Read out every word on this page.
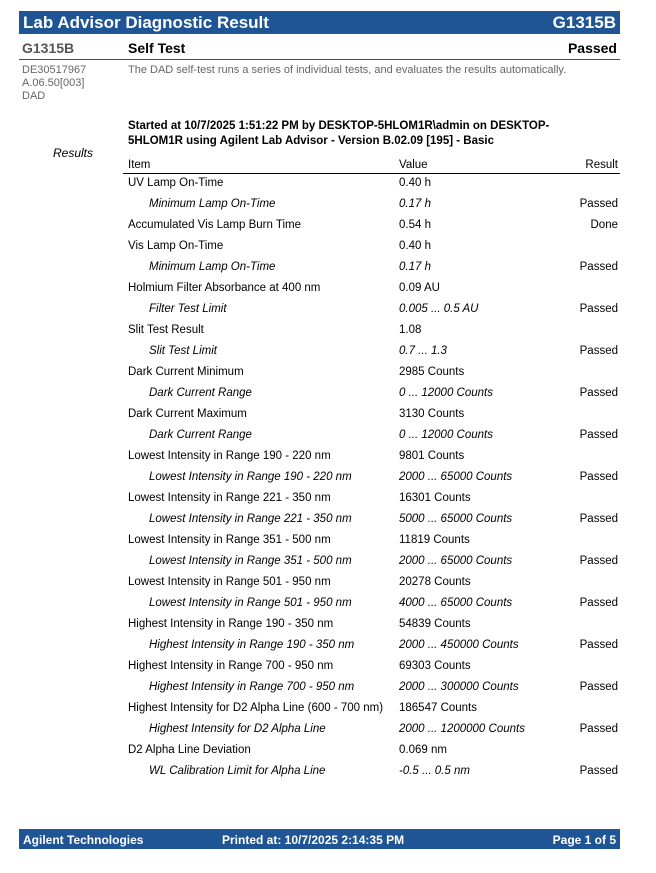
Lab Advisor Diagnostic Result	G1315B
G1315B	Self Test	Passed
DE30517967
A.06.50[003]
DAD
The DAD self-test runs a series of individual tests, and evaluates the results automatically.
Started at 10/7/2025 1:51:22 PM by DESKTOP-5HLOM1R\admin on DESKTOP-5HLOM1R using Agilent Lab Advisor - Version B.02.09 [195] - Basic
Results
Item	Value	Result
UV Lamp On-Time	0.40 h	
Minimum Lamp On-Time	0.17 h	Passed
Accumulated Vis Lamp Burn Time	0.54 h	Done
Vis Lamp On-Time	0.40 h	
Minimum Lamp On-Time	0.17 h	Passed
Holmium Filter Absorbance at 400 nm	0.09 AU	
Filter Test Limit	0.005 ... 0.5 AU	Passed
Slit Test Result	1.08	
Slit Test Limit	0.7 ... 1.3	Passed
Dark Current Minimum	2985 Counts	
Dark Current Range	0 ... 12000 Counts	Passed
Dark Current Maximum	3130 Counts	
Dark Current Range	0 ... 12000 Counts	Passed
Lowest Intensity in Range 190 - 220 nm	9801 Counts	
Lowest Intensity in Range 190 - 220 nm	2000 ... 65000 Counts	Passed
Lowest Intensity in Range 221 - 350 nm	16301 Counts	
Lowest Intensity in Range 221 - 350 nm	5000 ... 65000 Counts	Passed
Lowest Intensity in Range 351 - 500 nm	11819 Counts	
Lowest Intensity in Range 351 - 500 nm	2000 ... 65000 Counts	Passed
Lowest Intensity in Range 501 - 950 nm	20278 Counts	
Lowest Intensity in Range 501 - 950 nm	4000 ... 65000 Counts	Passed
Highest Intensity in Range 190 - 350 nm	54839 Counts	
Highest Intensity in Range 190 - 350 nm	2000 ... 450000 Counts	Passed
Highest Intensity in Range 700 - 950 nm	69303 Counts	
Highest Intensity in Range 700 - 950 nm	2000 ... 300000 Counts	Passed
Highest Intensity for D2 Alpha Line (600 - 700 nm)	186547 Counts	
Highest Intensity for D2 Alpha Line	2000 ... 1200000 Counts	Passed
D2 Alpha Line Deviation	0.069 nm	
WL Calibration Limit for Alpha Line	-0.5 ... 0.5 nm	Passed
Agilent Technologies	Printed at: 10/7/2025 2:14:35 PM	Page 1 of 5
